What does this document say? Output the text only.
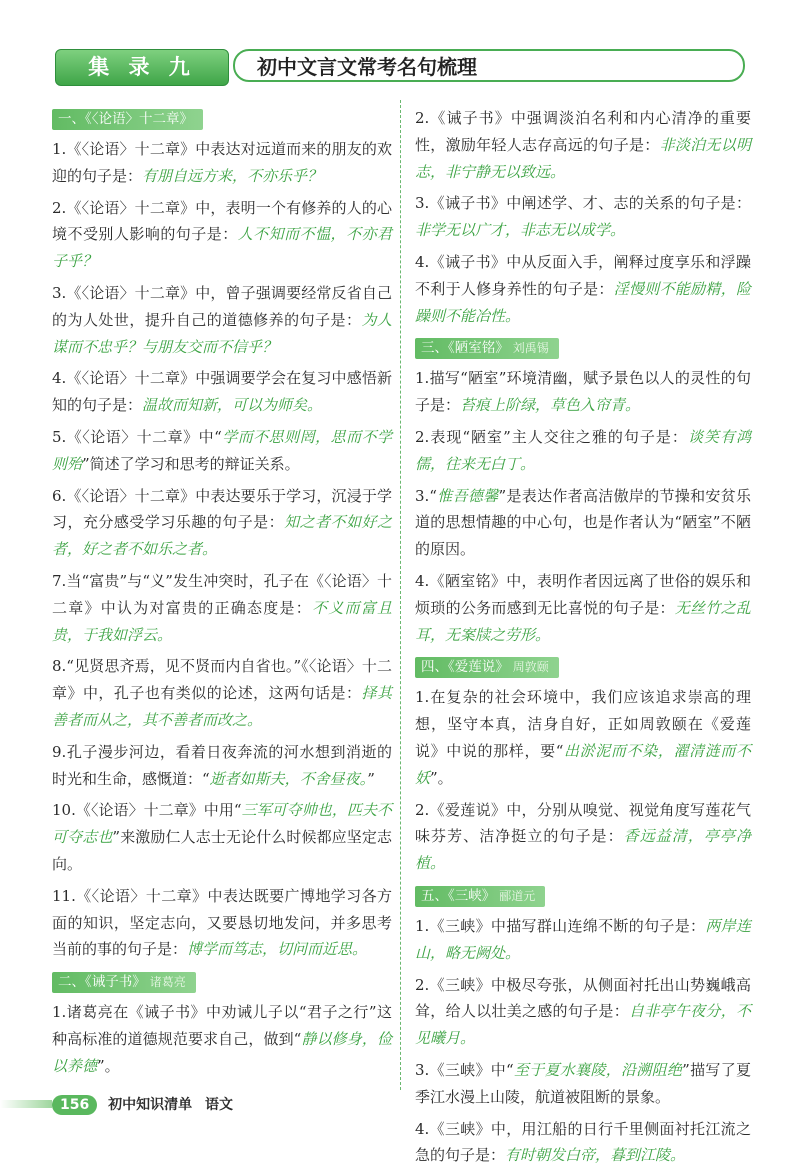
集 录 九	初中文言文常考名句梳理
一、《〈论语〉十二章》
1.《〈论语〉十二章》中表达对远道而来的朋友的欢迎的句子是：有朋自远方来，不亦乐乎？
2.《〈论语〉十二章》中，表明一个有修养的人的心境不受别人影响的句子是：人不知而不愠，不亦君子乎？
3.《〈论语〉十二章》中，曾子强调要经常反省自己的为人处世，提升自己的道德修养的句子是：为人谋而不忠乎？与朋友交而不信乎？
4.《〈论语〉十二章》中强调要学会在复习中感悟新知的句子是：温故而知新，可以为师矣。
5.《〈论语〉十二章》中“学而不思则罔，思而不学则殆”简述了学习和思考的辩证关系。
6.《〈论语〉十二章》中表达要乐于学习，沉浸于学习，充分感受学习乐趣的句子是：知之者不如好之者，好之者不如乐之者。
7.当“富贵”与“义”发生冲突时，孔子在《〈论语〉十二章》中认为对富贵的正确态度是：不义而富且贵，于我如浮云。
8.“见贤思齐焉，见不贤而内自省也。”《〈论语〉十二章》中，孔子也有类似的论述，这两句话是：择其善者而从之，其不善者而改之。
9.孔子漫步河边，看着日夜奔流的河水想到消逝的时光和生命，感慨道：“逝者如斯夫，不舍昼夜。”
10.《〈论语〉十二章》中用“三军可夺帅也，匹夫不可夺志也”来激励仁人志士无论什么时候都应坚定志向。
11.《〈论语〉十二章》中表达既要广博地学习各方面的知识，坚定志向，又要恳切地发问，并多思考当前的事的句子是：博学而笃志，切问而近思。
二、《诫子书》 诸葛亮
1.诸葛亮在《诫子书》中劝诫儿子以“君子之行”这种高标准的道德规范要求自己，做到“静以修身，俭以养德”。
2.《诫子书》中强调淡泊名利和内心清净的重要性，激励年轻人志存高远的句子是：非淡泊无以明志，非宁静无以致远。
3.《诫子书》中阐述学、才、志的关系的句子是：非学无以广才，非志无以成学。
4.《诫子书》中从反面入手，阐释过度享乐和浮躁不利于人修身养性的句子是：淫慢则不能励精，险躁则不能冶性。
三、《陋室铭》 刘禹锡
1.描写“陋室”环境清幽，赋予景色以人的灵性的句子是：苔痕上阶绿，草色入帘青。
2.表现“陋室”主人交往之雅的句子是：谈笑有鸿儒，往来无白丁。
3.“惟吾德馨”是表达作者高洁傲岸的节操和安贫乐道的思想情趣的中心句，也是作者认为“陋室”不陋的原因。
4.《陋室铭》中，表明作者因远离了世俗的娱乐和烦琐的公务而感到无比喜悦的句子是：无丝竹之乱耳，无案牍之劳形。
四、《爱莲说》 周敦颐
1.在复杂的社会环境中，我们应该追求崇高的理想，坚守本真，洁身自好，正如周敦颐在《爱莲说》中说的那样，要“出淤泥而不染，濯清涟而不妖”。
2.《爱莲说》中，分别从嗅觉、视觉角度写莲花气味芬芳、洁净挺立的句子是：香远益清，亭亭净植。
五、《三峡》 郦道元
1.《三峡》中描写群山连绵不断的句子是：两岸连山，略无阙处。
2.《三峡》中极尽夸张，从侧面衬托出山势巍峨高耸，给人以壮美之感的句子是：自非亭午夜分，不见曦月。
3.《三峡》中“至于夏水襄陵，沿溯阻绝”描写了夏季江水漫上山陵，航道被阻断的景象。
4.《三峡》中，用江船的日行千里侧面衬托江流之急的句子是：有时朝发白帝，暮到江陵。
156 初中知识清单 语文
